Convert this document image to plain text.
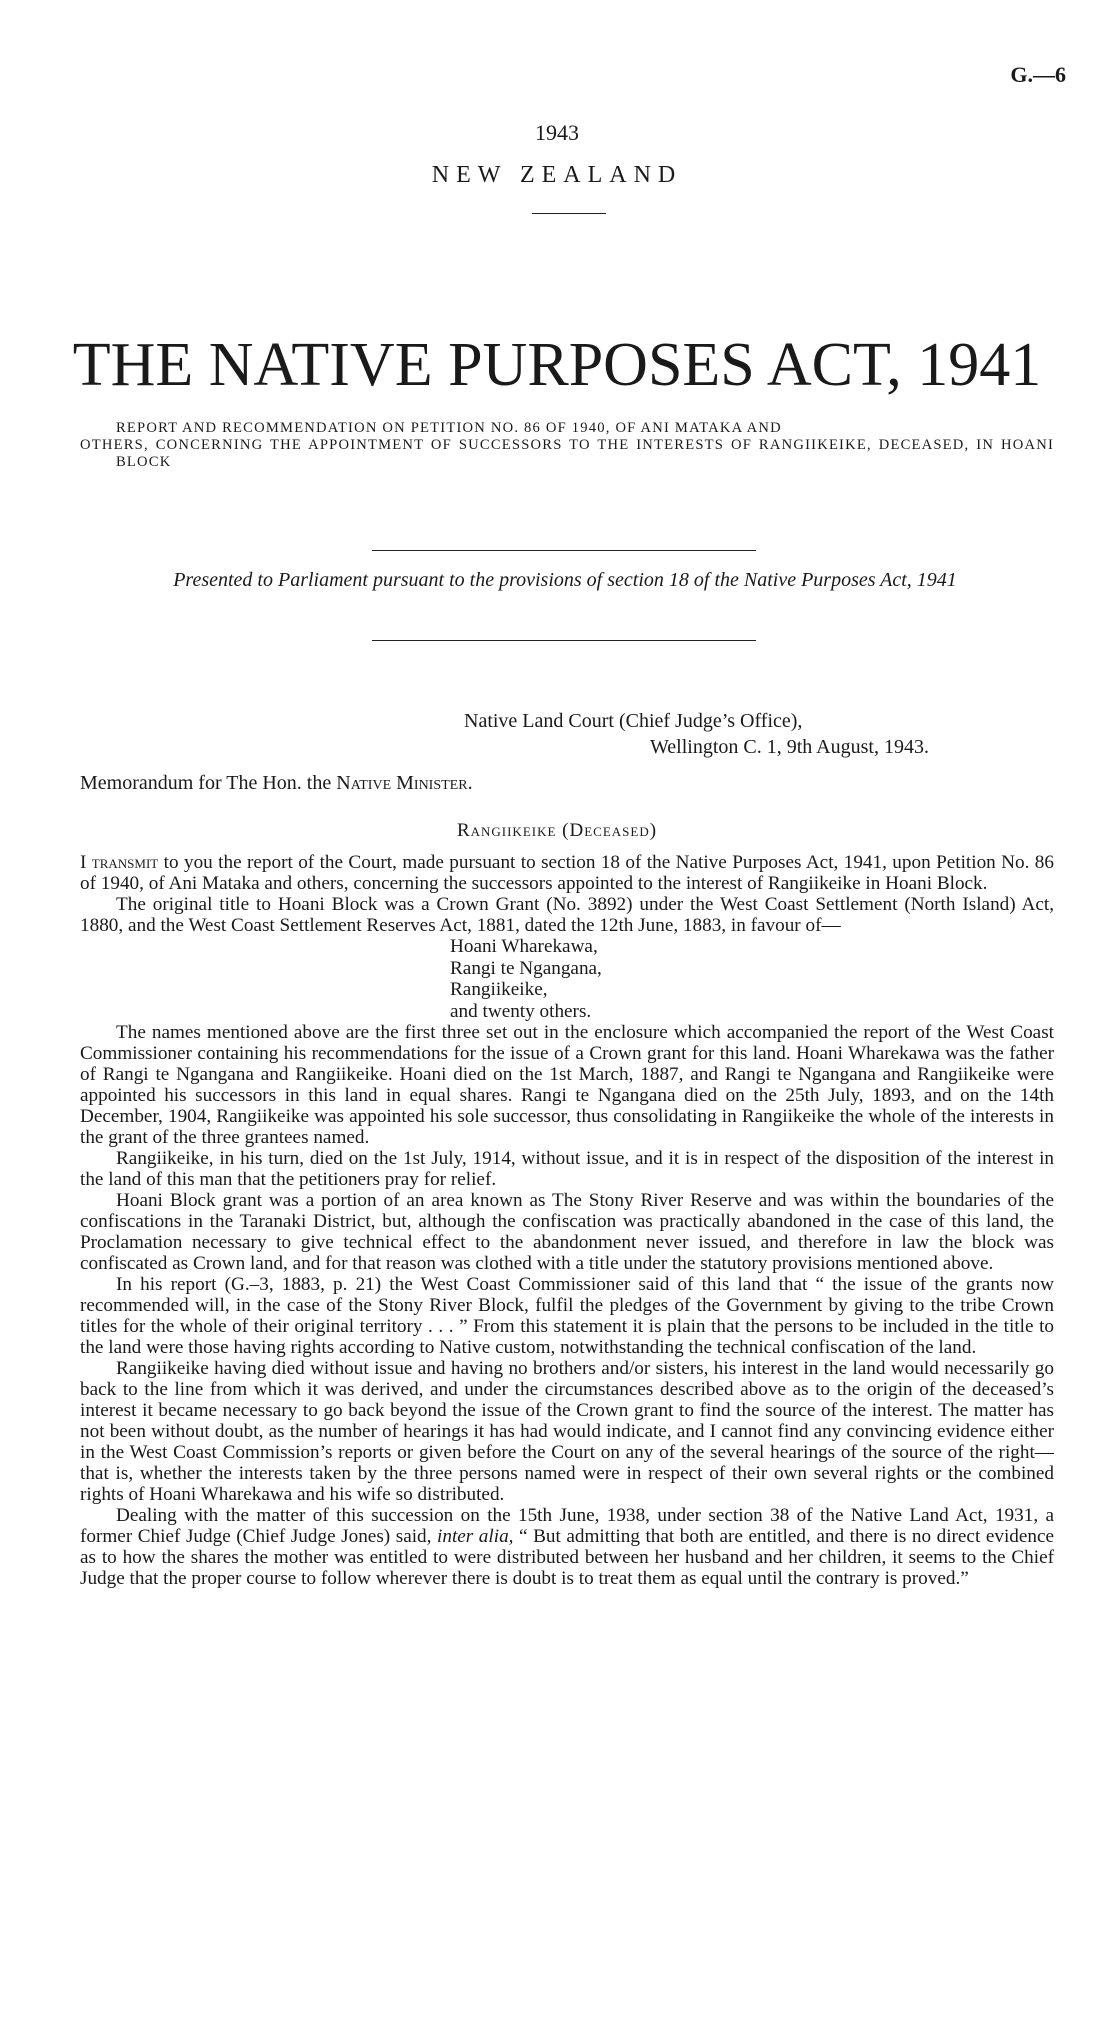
G.—6
1943
NEW ZEALAND
THE NATIVE PURPOSES ACT, 1941

REPORT AND RECOMMENDATION ON PETITION NO. 86 OF 1940, OF ANI MATAKA AND

OTHERS, CONCERNING THE APPOINTMENT OF SUCCESSORS TO THE INTERESTS OF RANGIIKEIKE, DECEASED, IN HOANI BLOCK

Presented to Parliament pursuant to the provisions of section 18 of the Native Purposes Act, 1941
Native Land Court (Chief Judge’s Office),
Wellington C. 1, 9th August, 1943.
Memorandum for The Hon. the Native Minister.
Rangiikeike (Deceased)

I transmit to you the report of the Court, made pursuant to section 18 of the Native Purposes Act, 1941, upon Petition No. 86 of 1940, of Ani Mataka and others, concerning the successors appointed to the interest of Rangiikeike in Hoani Block.

The original title to Hoani Block was a Crown Grant (No. 3892) under the West Coast Settlement (North Island) Act, 1880, and the West Coast Settlement Reserves Act, 1881, dated the 12th June, 1883, in favour of—

Hoani Wharekawa,
Rangi te Ngangana,
Rangiikeike,
and twenty others.

The names mentioned above are the first three set out in the enclosure which accompanied the report of the West Coast Commissioner containing his recommendations for the issue of a Crown grant for this land. Hoani Wharekawa was the father of Rangi te Ngangana and Rangiikeike. Hoani died on the 1st March, 1887, and Rangi te Ngangana and Rangiikeike were appointed his successors in this land in equal shares. Rangi te Ngangana died on the 25th July, 1893, and on the 14th December, 1904, Rangiikeike was appointed his sole successor, thus consolidating in Rangiikeike the whole of the interests in the grant of the three grantees named.

Rangiikeike, in his turn, died on the 1st July, 1914, without issue, and it is in respect of the disposition of the interest in the land of this man that the petitioners pray for relief.

Hoani Block grant was a portion of an area known as The Stony River Reserve and was within the boundaries of the confiscations in the Taranaki District, but, although the confiscation was practically abandoned in the case of this land, the Proclamation necessary to give technical effect to the abandonment never issued, and therefore in law the block was confiscated as Crown land, and for that reason was clothed with a title under the statutory provisions mentioned above.

In his report (G.–3, 1883, p. 21) the West Coast Commissioner said of this land that “ the issue of the grants now recommended will, in the case of the Stony River Block, fulfil the pledges of the Government by giving to the tribe Crown titles for the whole of their original territory . . . ” From this statement it is plain that the persons to be included in the title to the land were those having rights according to Native custom, notwithstanding the technical confiscation of the land.

Rangiikeike having died without issue and having no brothers and/or sisters, his interest in the land would necessarily go back to the line from which it was derived, and under the circumstances described above as to the origin of the deceased’s interest it became necessary to go back beyond the issue of the Crown grant to find the source of the interest. The matter has not been without doubt, as the number of hearings it has had would indicate, and I cannot find any convincing evidence either in the West Coast Commission’s reports or given before the Court on any of the several hearings of the source of the right—that is, whether the interests taken by the three persons named were in respect of their own several rights or the combined rights of Hoani Wharekawa and his wife so distributed.

Dealing with the matter of this succession on the 15th June, 1938, under section 38 of the Native Land Act, 1931, a former Chief Judge (Chief Judge Jones) said, inter alia, “ But admitting that both are entitled, and there is no direct evidence as to how the shares the mother was entitled to were distributed between her husband and her children, it seems to the Chief Judge that the proper course to follow wherever there is doubt is to treat them as equal until the contrary is proved.”
